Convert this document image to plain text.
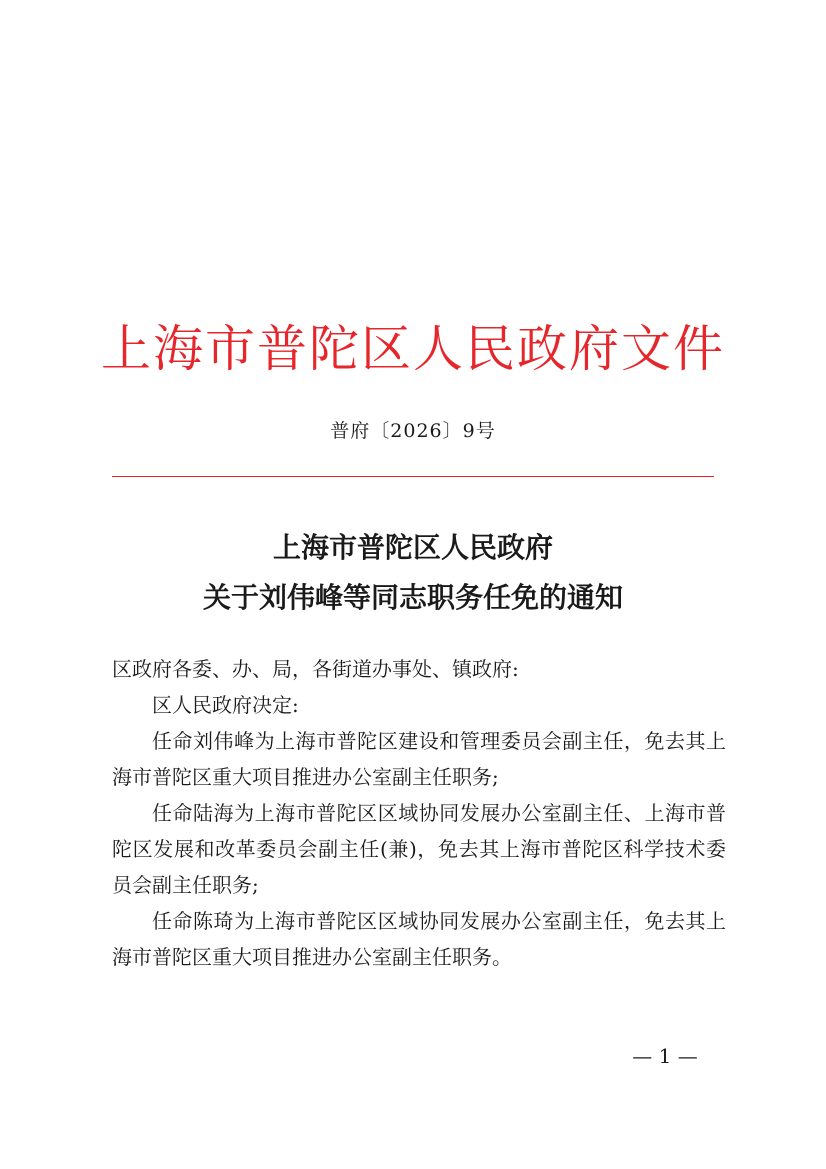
上海市普陀区人民政府文件
普府〔2026〕9号
上海市普陀区人民政府
关于刘伟峰等同志职务任免的通知

区政府各委、办、局，各街道办事处、镇政府:

区人民政府决定:

任命刘伟峰为上海市普陀区建设和管理委员会副主任，免去其上海市普陀区重大项目推进办公室副主任职务;

任命陆海为上海市普陀区区域协同发展办公室副主任、上海市普陀区发展和改革委员会副主任(兼)，免去其上海市普陀区科学技术委员会副主任职务;

任命陈琦为上海市普陀区区域协同发展办公室副主任，免去其上海市普陀区重大项目推进办公室副主任职务。

— 1 —
